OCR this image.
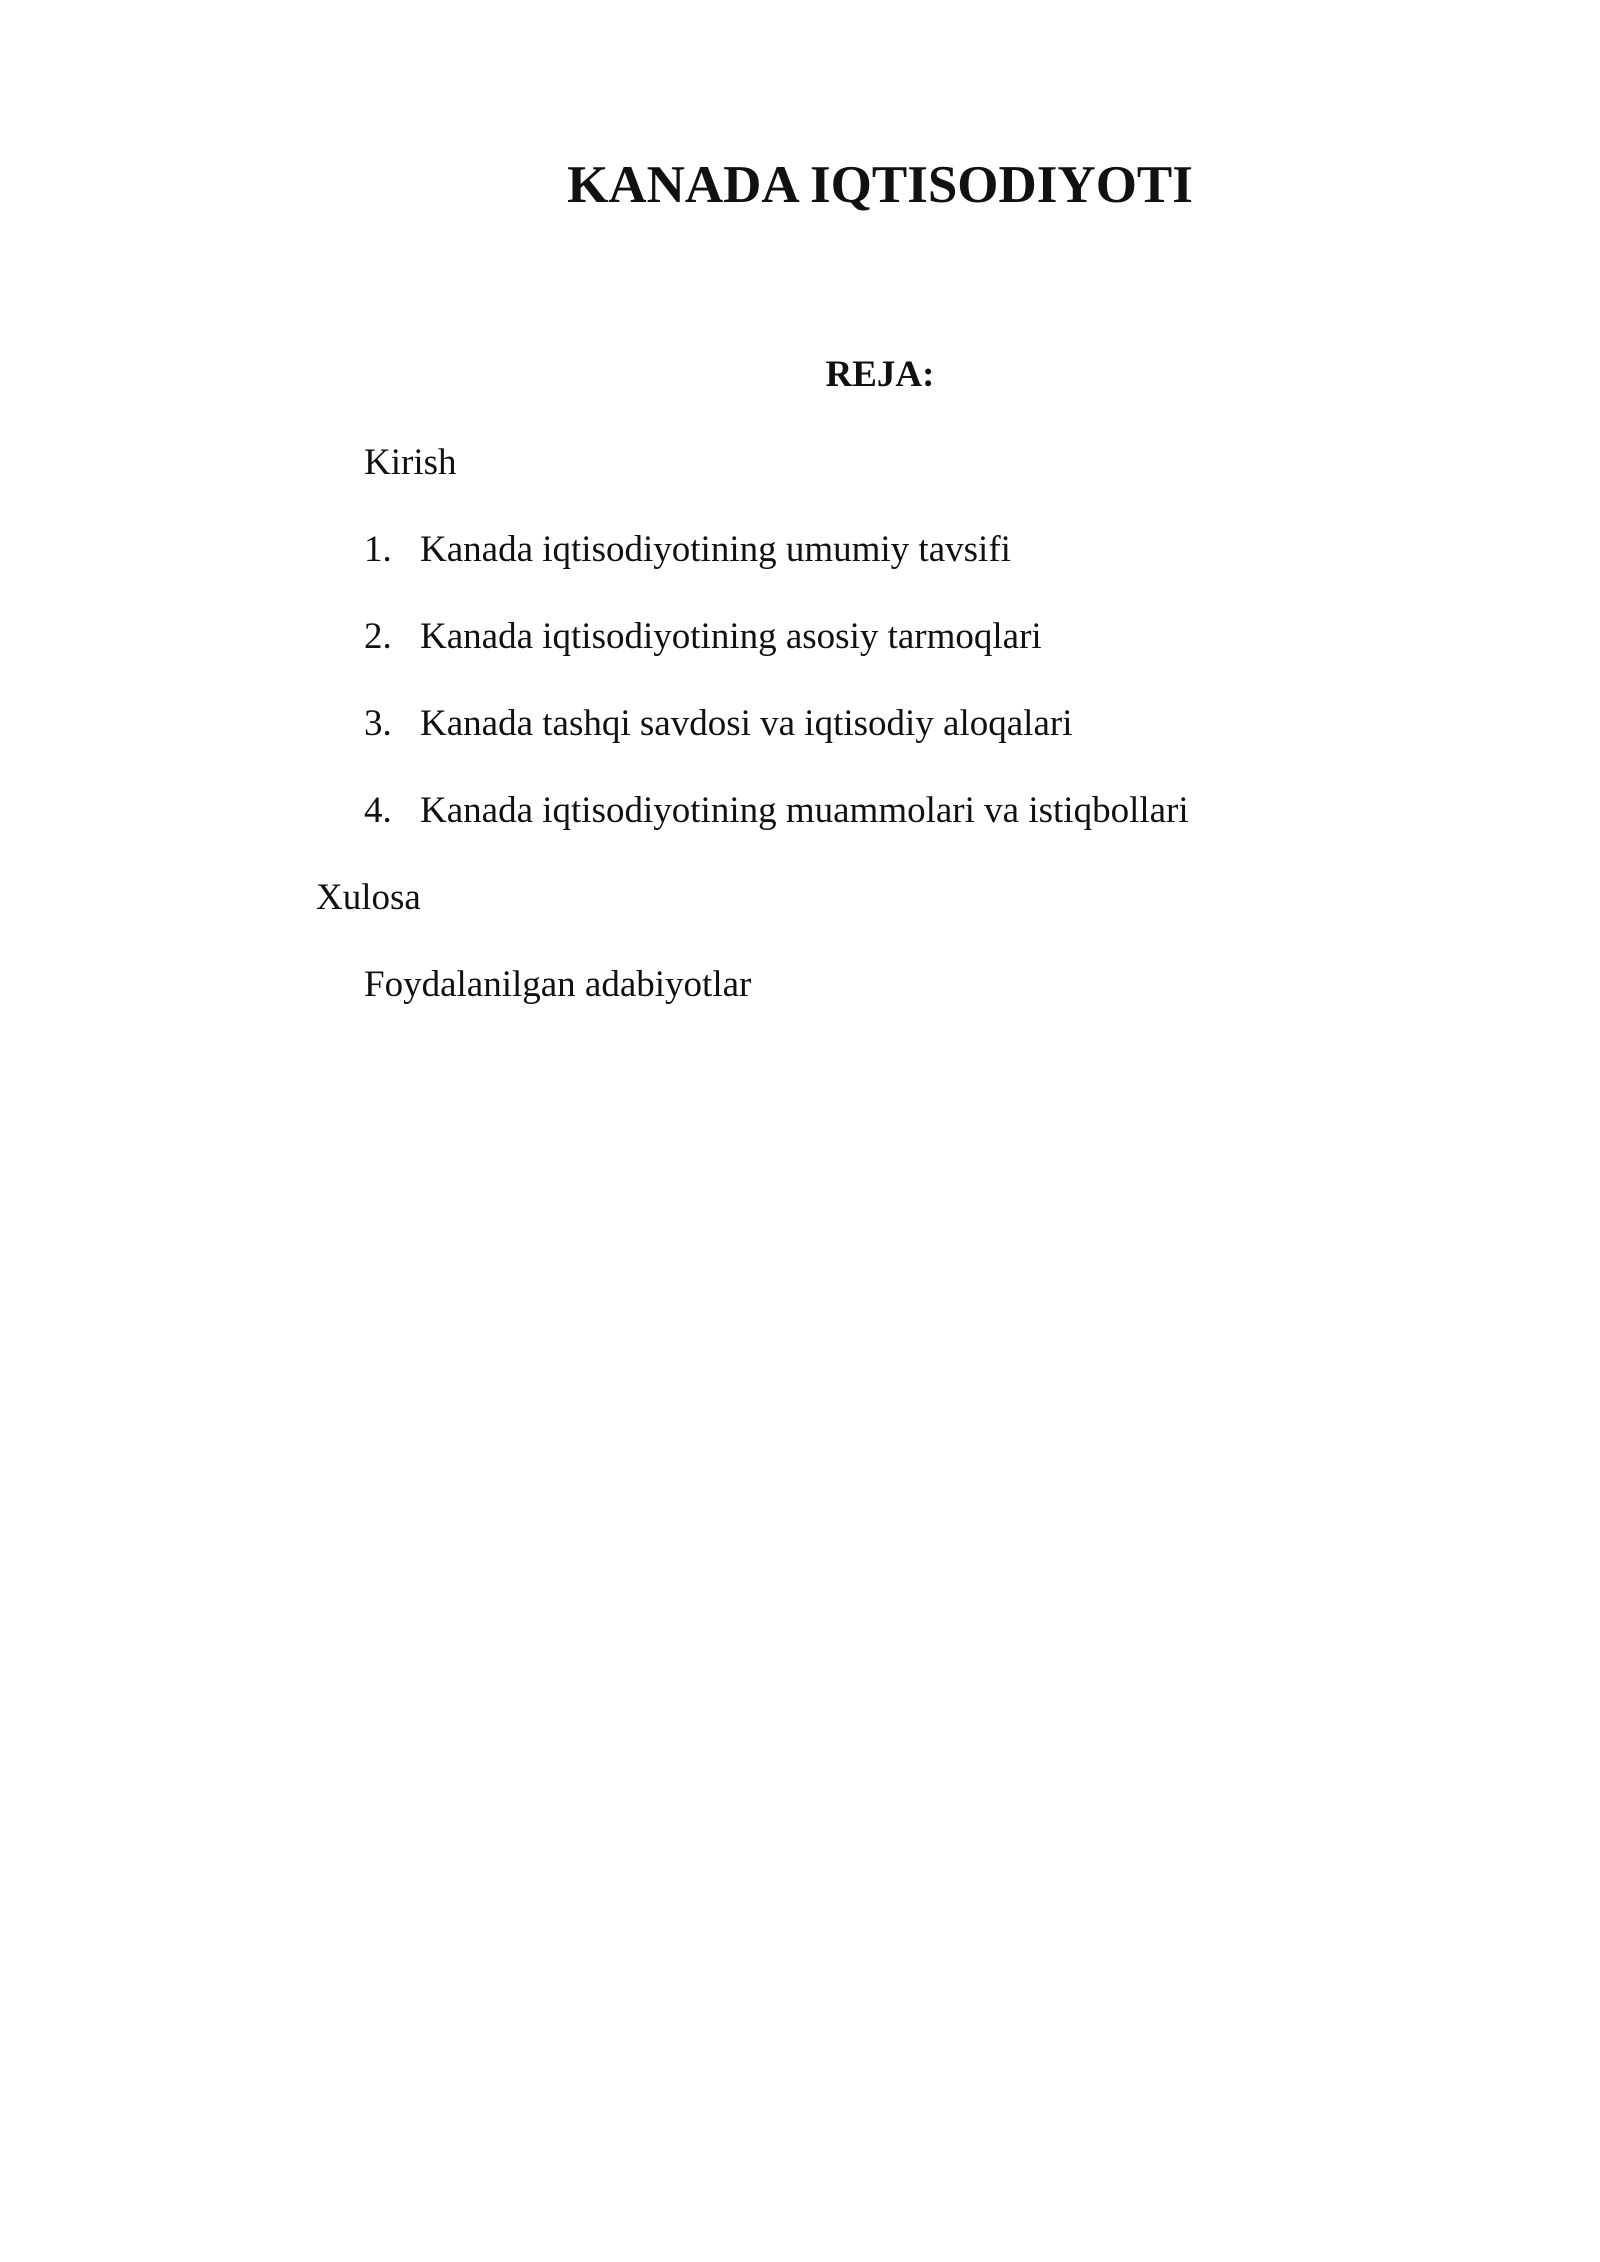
KANADA IQTISODIYOTI
REJA:

Kirish

1. Kanada iqtisodiyotining umumiy tavsifi
2. Kanada iqtisodiyotining asosiy tarmoqlari
3. Kanada tashqi savdosi va iqtisodiy aloqalari
4. Kanada iqtisodiyotining muammolari va istiqbollari

Xulosa

Foydalanilgan adabiyotlar
